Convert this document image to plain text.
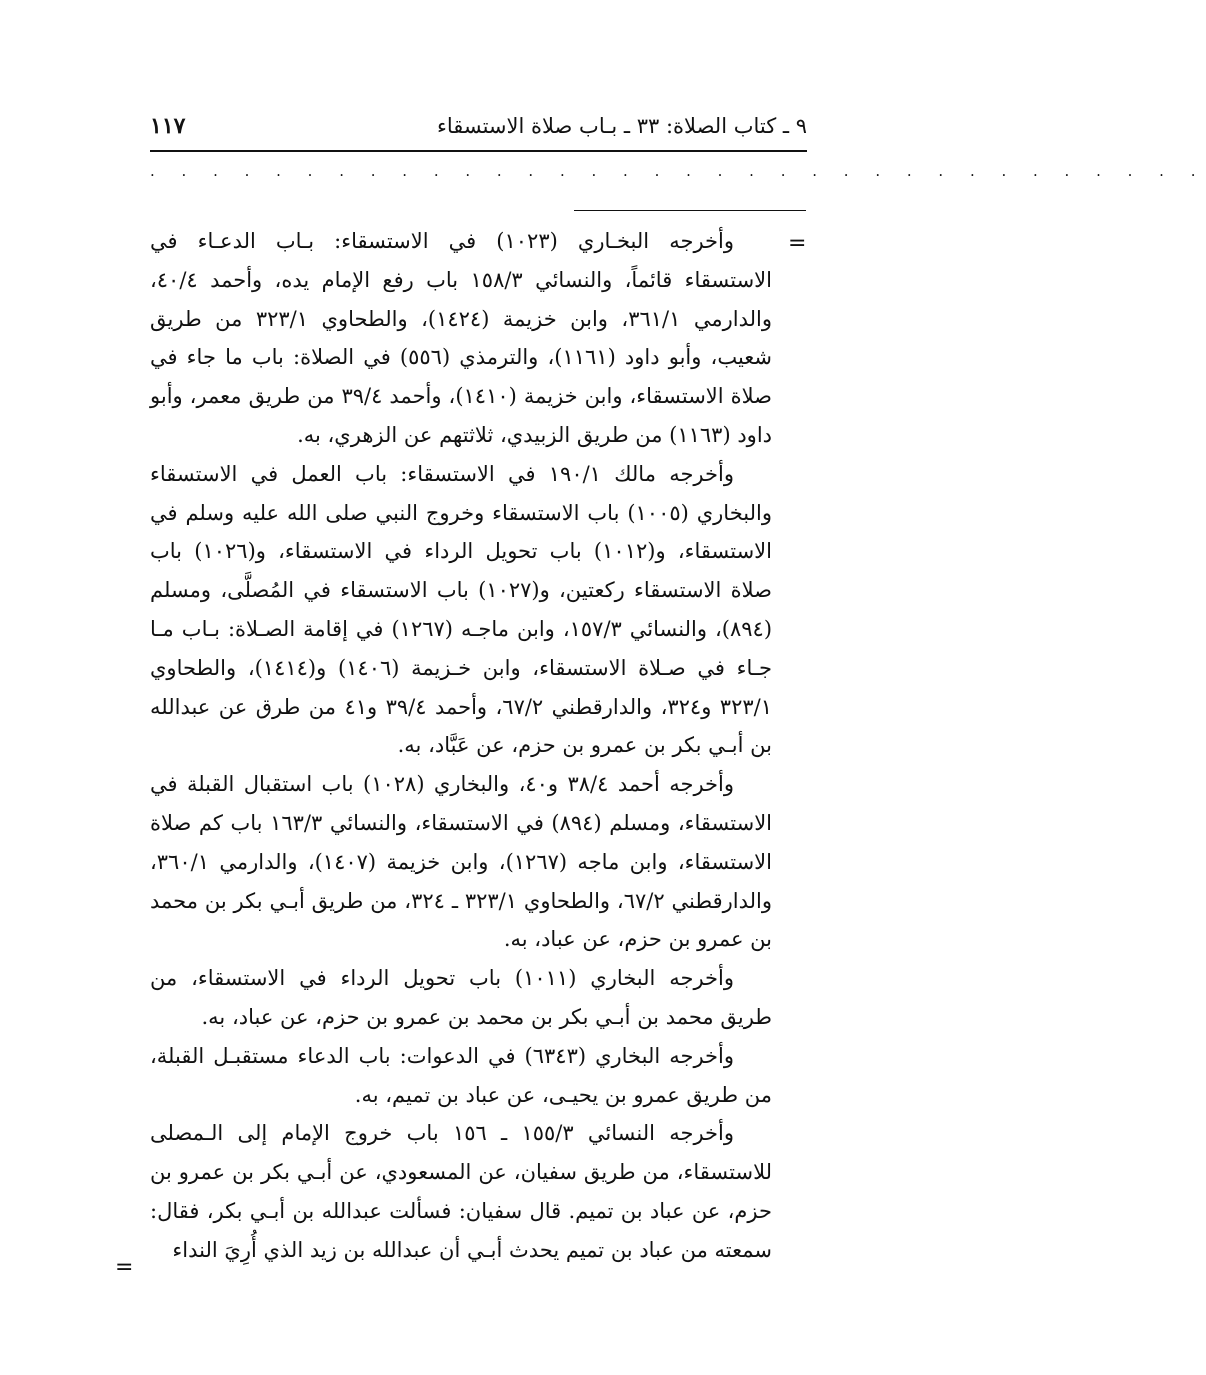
١١٧	٩ ـ كتاب الصلاة: ٣٣ ـ بـاب صلاة الاستسقاء
· · · · · · · · · · · · · · · · · · · · · · · · · · · · · · · · · ·
=

وأخرجه البخـاري (١٠٢٣) في الاستسقاء: بـاب الدعـاء في الاستسقاء قائماً، والنسائي ١٥٨/٣ باب رفع الإمام يده، وأحمد ٤٠/٤، والدارمي ٣٦١/١، وابن خزيمة (١٤٢٤)، والطحاوي ٣٢٣/١ من طريق شعيب، وأبو داود (١١٦١)، والترمذي (٥٥٦) في الصلاة: باب ما جاء في صلاة الاستسقاء، وابن خزيمة (١٤١٠)، وأحمد ٣٩/٤ من طريق معمر، وأبو داود (١١٦٣) من طريق الزبيدي، ثلاثتهم عن الزهري، به.

وأخرجه مالك ١٩٠/١ في الاستسقاء: باب العمل في الاستسقاء والبخاري (١٠٠٥) باب الاستسقاء وخروج النبي صلى الله عليه وسلم في الاستسقاء، و(١٠١٢) باب تحويل الرداء في الاستسقاء، و(١٠٢٦) باب صلاة الاستسقاء ركعتين، و(١٠٢٧) باب الاستسقاء في المُصلَّى، ومسلم (٨٩٤)، والنسائي ١٥٧/٣، وابن ماجـه (١٢٦٧) في إقامة الصـلاة: بـاب مـا جـاء في صـلاة الاستسقاء، وابن خـزيمة (١٤٠٦) و(١٤١٤)، والطحاوي ٣٢٣/١ و٣٢٤، والدارقطني ٦٧/٢، وأحمد ٣٩/٤ و٤١ من طرق عن عبدالله بن أبـي بكر بن عمرو بن حزم، عن عَبَّاد، به.

وأخرجه أحمد ٣٨/٤ و٤٠، والبخاري (١٠٢٨) باب استقبال القبلة في الاستسقاء، ومسلم (٨٩٤) في الاستسقاء، والنسائي ١٦٣/٣ باب كم صلاة الاستسقاء، وابن ماجه (١٢٦٧)، وابن خزيمة (١٤٠٧)، والدارمي ٣٦٠/١، والدارقطني ٦٧/٢، والطحاوي ٣٢٣/١ ـ ٣٢٤، من طريق أبـي بكر بن محمد بن عمرو بن حزم، عن عباد، به.

وأخرجه البخاري (١٠١١) باب تحويل الرداء في الاستسقاء، من طريق محمد بن أبـي بكر بن محمد بن عمرو بن حزم، عن عباد، به.

وأخرجه البخاري (٦٣٤٣) في الدعوات: باب الدعاء مستقبـل القبلة، من طريق عمرو بن يحيـى، عن عباد بن تميم، به.

وأخرجه النسائي ١٥٥/٣ ـ ١٥٦ باب خروج الإمام إلى الـمصلى للاستسقاء، من طريق سفيان، عن المسعودي، عن أبـي بكر بن عمرو بن حزم، عن عباد بن تميم. قال سفيان: فسألت عبدالله بن أبـي بكر، فقال: سمعته من عباد بن تميم يحدث أبـي أن عبدالله بن زيد الذي أُرِيَ النداء

=
